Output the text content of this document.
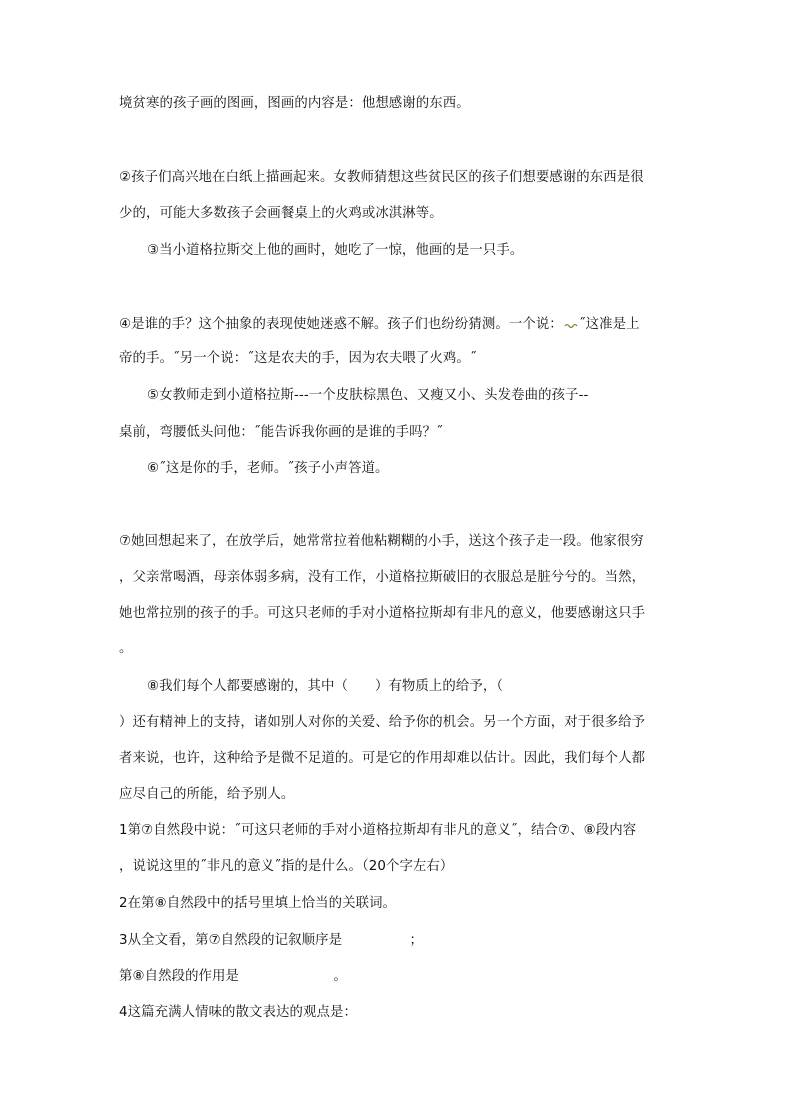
境贫寒的孩子画的图画，图画的内容是：他想感谢的东西。
②孩子们高兴地在白纸上描画起来。女教师猜想这些贫民区的孩子们想要感谢的东西是很
少的，可能大多数孩子会画餐桌上的火鸡或冰淇淋等。
③当小道格拉斯交上他的画时，她吃了一惊，他画的是一只手。
④是谁的手？这个抽象的表现使她迷惑不解。孩子们也纷纷猜测。一个说： ˝这准是上
帝的手。˝另一个说：˝这是农夫的手，因为农夫喂了火鸡。˝
⑤女教师走到小道格拉斯---一个皮肤棕黑色、又瘦又小、头发卷曲的孩子--
桌前，弯腰低头问他：˝能告诉我你画的是谁的手吗？˝
⑥˝这是你的手，老师。˝孩子小声答道。
⑦她回想起来了，在放学后，她常常拉着他粘糊糊的小手，送这个孩子走一段。他家很穷
，父亲常喝酒，母亲体弱多病，没有工作，小道格拉斯破旧的衣服总是脏兮兮的。当然，
她也常拉别的孩子的手。可这只老师的手对小道格拉斯却有非凡的意义，他要感谢这只手
。
⑧我们每个人都要感谢的，其中（　　）有物质上的给予，（
）还有精神上的支持，诸如别人对你的关爱、给予你的机会。另一个方面，对于很多给予
者来说，也许，这种给予是微不足道的。可是它的作用却难以估计。因此，我们每个人都
应尽自己的所能，给予别人。
1第⑦自然段中说：˝可这只老师的手对小道格拉斯却有非凡的意义˝，结合⑦、⑧段内容
，说说这里的˝非凡的意义˝指的是什么。（20个字左右）
2在第⑧自然段中的括号里填上恰当的关联词。
3从全文看，第⑦自然段的记叙顺序是　　　　　；
第⑧自然段的作用是　　　　　　　。
4这篇充满人情味的散文表达的观点是：
